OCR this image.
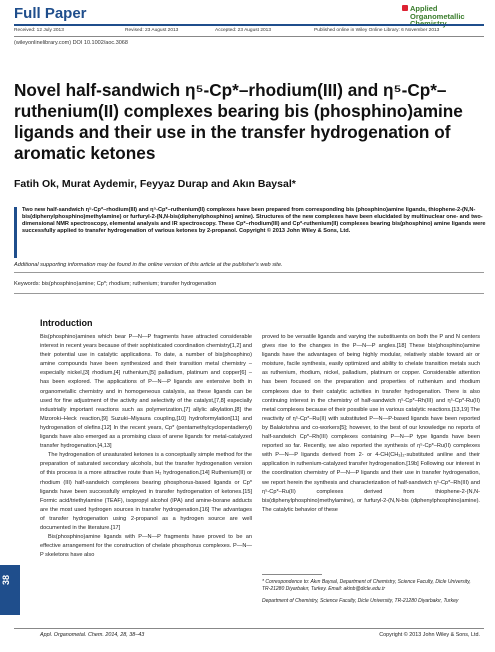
Full Paper	Applied
Organometallic
Received: 12 July 2013	Revised: 23 August 2013	Accepted: 23 August 2013	Published online in Wiley Online Library: 6 November 2013
(wileyonlinelibrary.com) DOI 10.1002/aoc.3068
Novel half-sandwich η⁵-Cp*–rhodium(III) and η⁵-Cp*–ruthenium(II) complexes bearing bis (phosphino)amine ligands and their use in the transfer hydrogenation of aromatic ketones
Fatih Ok, Murat Aydemir, Feyyaz Durap and Akın Baysal*
Two new half-sandwich η⁵-Cp*–rhodium(III) and η⁵-Cp*–ruthenium(II) complexes have been prepared from corresponding bis (phosphino)amine ligands, thiophene-2-(N,N-bis(diphenylphosphino)methylamine) or furfuryl-2-(N,N-bis(diphenylphosphino) amine). Structures of the new complexes have been elucidated by multinuclear one- and two-dimensional NMR spectroscopy, elemental analysis and IR spectroscopy. These Cp*–rhodium(III) and Cp*-ruthenium(II) complexes bearing bis(phosphino) amine ligands were successfully applied to transfer hydrogenation of various ketones by 2-propanol. Copyright © 2013 John Wiley & Sons, Ltd.
Additional supporting information may be found in the online version of this article at the publisher's web site.
Keywords: bis(phosphino)amine; Cp*; rhodium; ruthenium; transfer hydrogenation
Introduction

Bis(phosphino)amines which bear P—N—P fragments have attracted considerable interest in recent years because of their sophisticated coordination chemistry[1,2] and their potential use in catalytic applications. To date, a number of bis(phosphino) amine compounds have been synthesized and their transition metal chemistry – especially nickel,[3] rhodium,[4] ruthenium,[5] palladium, platinum and copper[6] – has been explored. The applications of P—N—P ligands are extensive both in organometallic chemistry and in homogeneous catalysis, as these ligands can be used for fine adjustment of the activity and selectivity of the catalyst,[7,8] especially industrially important reactions such as polymerization,[7] allylic alkylation,[8] the Mizoroki–Heck reaction,[9] Suzuki–Miyaura coupling,[10] hydroformylation[11] and hydrogenation of olefins.[12] In the recent years, Cp* (pentamethylcyclopentadienyl) ligands have also emerged as a promising class of arene ligands for metal-catalyzed transfer hydrogenation.[4,13]

The hydrogenation of unsaturated ketones is a conceptually simple method for the preparation of saturated secondary alcohols, but the transfer hydrogenation version of this process is a more attractive route than H₂ hydrogenation.[14] Ruthenium(II) or rhodium (III) half-sandwich complexes bearing phosphorus-based ligands or Cp* ligands have been successfully employed in transfer hydrogenation of ketones.[15] Formic acid/triethylamine (TEAF), isopropyl alcohol (IPA) and amine-borane adducts are the most used hydrogen sources in transfer hydrogenation.[16] The advantages of transfer hydrogenation using 2-propanol as a hydrogen source are well documented in the literature.[17]

Bis(phosphino)amine ligands with P—N—P fragments have proved to be an effective arrangement for the construction of chelate phosphorus complexes. P—N—P skeletons have also

proved to be versatile ligands and varying the substituents on both the P and N centers gives rise to the changes in the P—N—P angles.[18] These bis(phosphino)amine ligands have the advantages of being highly modular, relatively stable toward air or moisture, facile synthesis, easily optimized and ability to chelate transition metals such as ruthenium, rhodium, nickel, palladium, platinum or copper. Considerable attention has been focused on the preparation and properties of ruthenium and rhodium complexes due to their catalytic activities in transfer hydrogenation. There is also continuing interest in the chemistry of half-sandwich η⁵-Cp*–Rh(III) and η⁵-Cp*-Ru(II) metal complexes because of their possible use in various catalytic reactions.[13,19] The reactivity of η⁵-Cp*–Ru(II) with substituted P—N—P-based ligands have been reported by Balakrishna and co-workers[5]; however, to the best of our knowledge no reports of half-sandwich Cp*–Rh(III) complexes containing P—N—P type ligands have been reported so far. Recently, we also reported the synthesis of η⁵-Cp*–Ru(II) complexes with P—N—P ligands derived from 2- or 4-CH(CH₃)₂-substituted aniline and their application in ruthenium-catalyzed transfer hydrogenation.[19b] Following our interest in the coordination chemistry of P—N—P ligands and their use in transfer hydrogenation, we report herein the synthesis and characterization of half-sandwich η⁵-Cp*–Rh(III) and η⁵-Cp*–Ru(II) complexes derived from thiophene-2-(N,N-bis(diphenylphosphino)methylamine), or furfuryl-2-(N,N-bis (diphenylphosphino)amine). The catalytic behavior of these

* Correspondence to: Akın Baysal, Department of Chemistry, Science Faculty, Dicle University, TR-21280 Diyarbakır, Turkey. Email: akinb@dicle.edu.tr
Department of Chemistry, Science Faculty, Dicle University, TR-21280 Diyarbakır, Turkey
38
Appl. Organometal. Chem. 2014, 28, 38–43	Copyright © 2013 John Wiley & Sons, Ltd.
